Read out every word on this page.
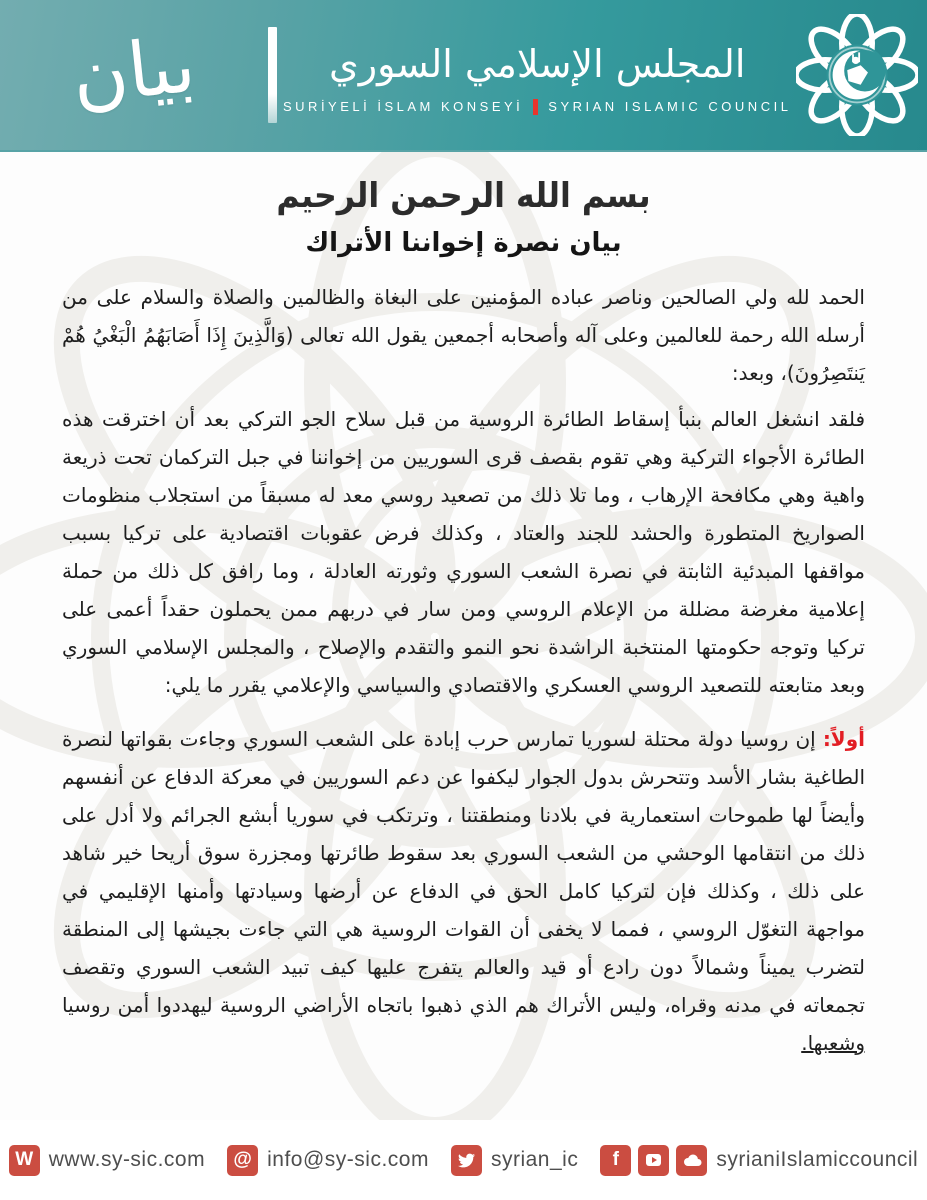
بيان	المجلس الإسلامي السوري
SURİYELİ İSLAM KONSEYİ SYRIAN ISLAMIC COUNCIL
بسم الله الرحمن الرحيم
بيان نصرة إخواننا الأتراك

الحمد لله ولي الصالحين وناصر عباده المؤمنين على البغاة والظالمين والصلاة والسلام على من أرسله الله رحمة للعالمين وعلى آله وأصحابه أجمعين يقول الله تعالى (وَالَّذِينَ إِذَا أَصَابَهُمُ الْبَغْيُ هُمْ يَنتَصِرُونَ)، وبعد:

فلقد انشغل العالم بنبأ إسقاط الطائرة الروسية من قبل سلاح الجو التركي بعد أن اخترقت هذه الطائرة الأجواء التركية وهي تقوم بقصف قرى السوريين من إخواننا في جبل التركمان تحت ذريعة واهية وهي مكافحة الإرهاب ، وما تلا ذلك من تصعيد روسي معد له مسبقاً من استجلاب منظومات الصواريخ المتطورة والحشد للجند والعتاد ، وكذلك فرض عقوبات اقتصادية على تركيا بسبب مواقفها المبدئية الثابتة في نصرة الشعب السوري وثورته العادلة ، وما رافق كل ذلك من حملة إعلامية مغرضة مضللة من الإعلام الروسي ومن سار في دربهم ممن يحملون حقداً أعمى على تركيا وتوجه حكومتها المنتخبة الراشدة نحو النمو والتقدم والإصلاح ، والمجلس الإسلامي السوري وبعد متابعته للتصعيد الروسي العسكري والاقتصادي والسياسي والإعلامي يقرر ما يلي:

أولاً: إن روسيا دولة محتلة لسوريا تمارس حرب إبادة على الشعب السوري وجاءت بقواتها لنصرة الطاغية بشار الأسد وتتحرش بدول الجوار ليكفوا عن دعم السوريين في معركة الدفاع عن أنفسهم وأيضاً لها طموحات استعمارية في بلادنا ومنطقتنا ، وترتكب في سوريا أبشع الجرائم ولا أدل على ذلك من انتقامها الوحشي من الشعب السوري بعد سقوط طائرتها ومجزرة سوق أريحا خير شاهد على ذلك ، وكذلك فإن لتركيا كامل الحق في الدفاع عن أرضها وسيادتها وأمنها الإقليمي في مواجهة التغوّل الروسي ، فمما لا يخفى أن القوات الروسية هي التي جاءت بجيشها إلى المنطقة لتضرب يميناً وشمالاً دون رادع أو قيد والعالم يتفرج عليها كيف تبيد الشعب السوري وتقصف تجمعاته في مدنه وقراه، وليس الأتراك هم الذي ذهبوا باتجاه الأراضي الروسية ليهددوا أمن روسيا وشعبها.

W www.sy-sic.com	@ info@sy-sic.com	syrian_ic	f	syrianiIslamiccouncil
